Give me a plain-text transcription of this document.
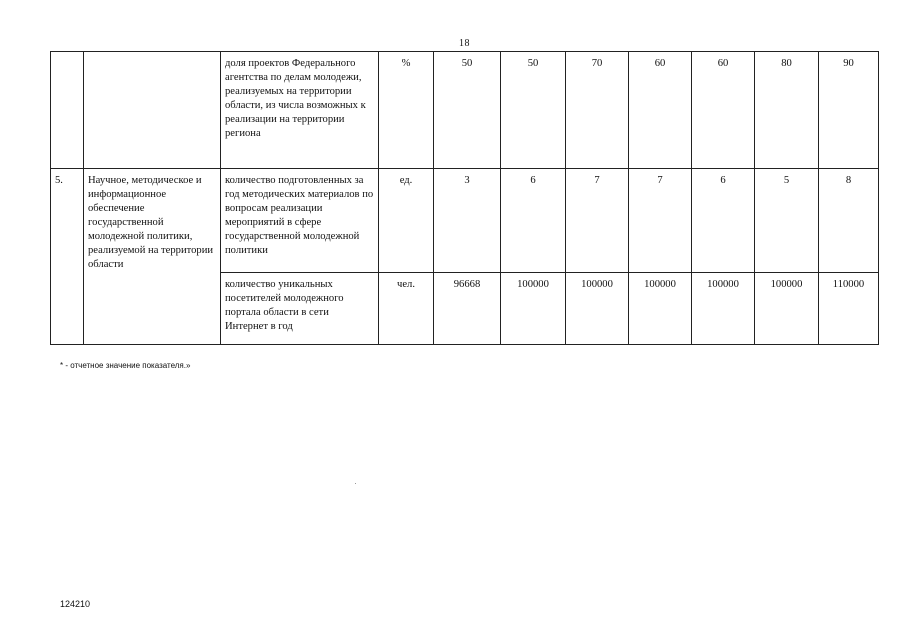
18
		доля проектов Федерального агентства по делам молодежи, реализуемых на территории области, из числа возможных к реализации на территории региона	%	50	50	70	60	60	80	90
5.	Научное, методическое и информационное обеспечение государственной молодежной политики, реализуемой на территории области	количество подготовленных за год методических материалов по вопросам реализации мероприятий в сфере государственной молодежной политики	ед.	3	6	7	7	6	5	8
		количество уникальных посетителей молодежного портала области в сети Интернет в год	чел.	96668	100000	100000	100000	100000	100000	110000
* - отчетное значение показателя.»
124210
